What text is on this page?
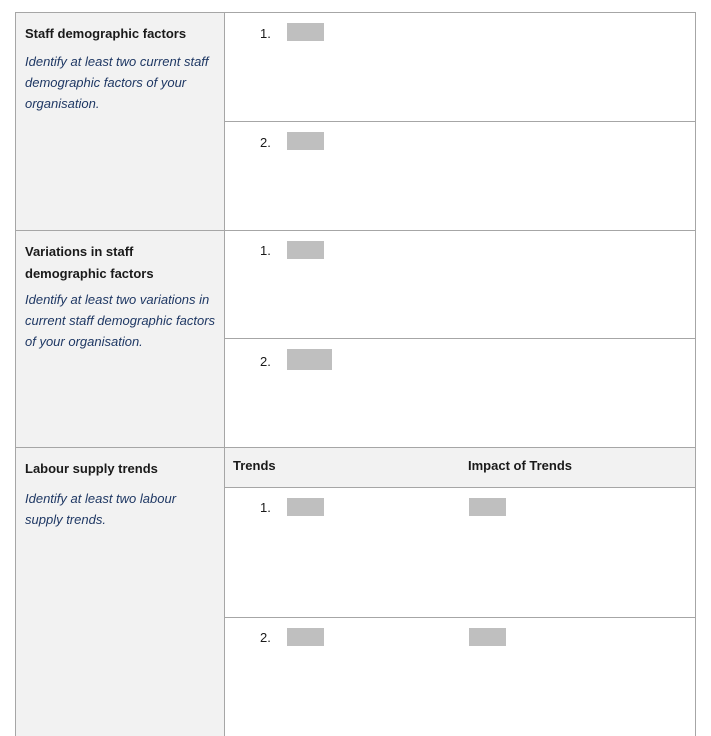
Staff demographic factors

Identify at least two current staff demographic factors of your organisation.

1.
2.

Variations in staff demographic factors

Identify at least two variations in current staff demographic factors of your organisation.

1.
2.

Labour supply trends

Identify at least two labour supply trends.

Trends	Impact of Trends
1.
2.
